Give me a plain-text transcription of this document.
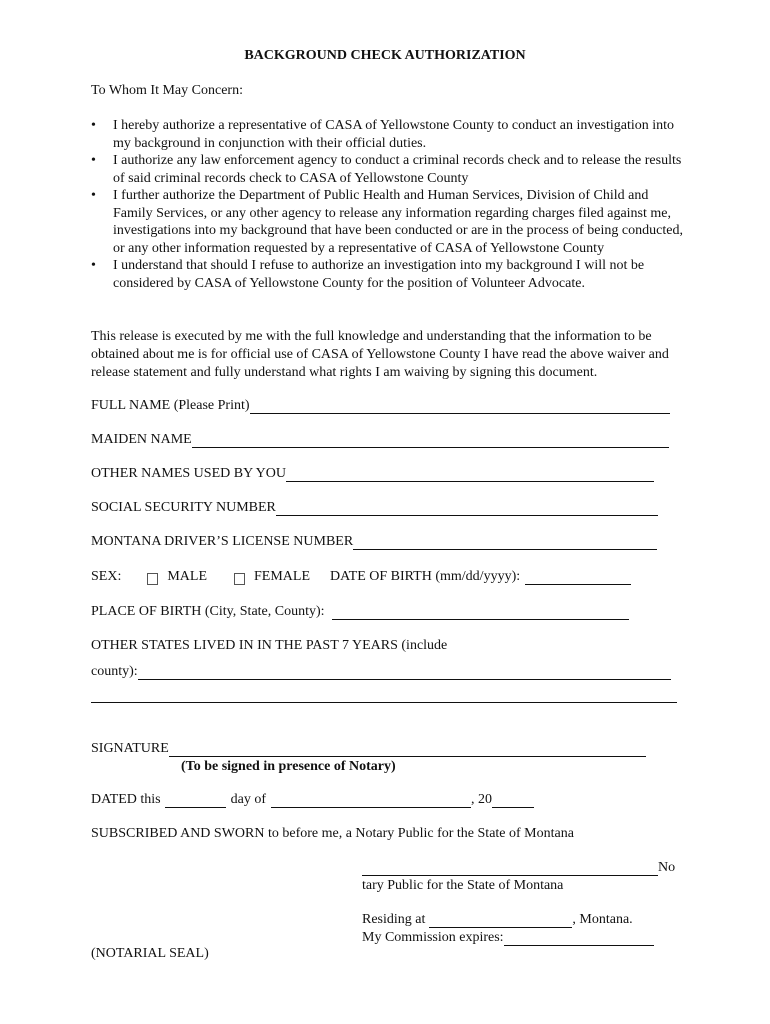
BACKGROUND CHECK AUTHORIZATION
To Whom It May Concern:
• I hereby authorize a representative of CASA of Yellowstone County to conduct an investigation into my background in conjunction with their official duties.
• I authorize any law enforcement agency to conduct a criminal records check and to release the results of said criminal records check to CASA of Yellowstone County
• I further authorize the Department of Public Health and Human Services, Division of Child and Family Services, or any other agency to release any information regarding charges filed against me, investigations into my background that have been conducted or are in the process of being conducted, or any other information requested by a representative of CASA of Yellowstone County
• I understand that should I refuse to authorize an investigation into my background I will not be considered by CASA of Yellowstone County for the position of Volunteer Advocate.
This release is executed by me with the full knowledge and understanding that the information to be obtained about me is for official use of CASA of Yellowstone County I have read the above waiver and release statement and fully understand what rights I am waiving by signing this document.
FULL NAME (Please Print)
MAIDEN NAME
OTHER NAMES USED BY YOU
SOCIAL SECURITY NUMBER
MONTANA DRIVER’S LICENSE NUMBER
SEX:	MALE	FEMALE DATE OF BIRTH (mm/dd/yyyy):
PLACE OF BIRTH (City, State, County):
OTHER STATES LIVED IN IN THE PAST 7 YEARS (include
county):
SIGNATURE
(To be signed in presence of Notary)
DATED this	day of	, 20
SUBSCRIBED AND SWORN to before me, a Notary Public for the State of Montana
No
tary Public for the State of Montana
Residing at	, Montana.
My Commission expires:
(NOTARIAL SEAL)
